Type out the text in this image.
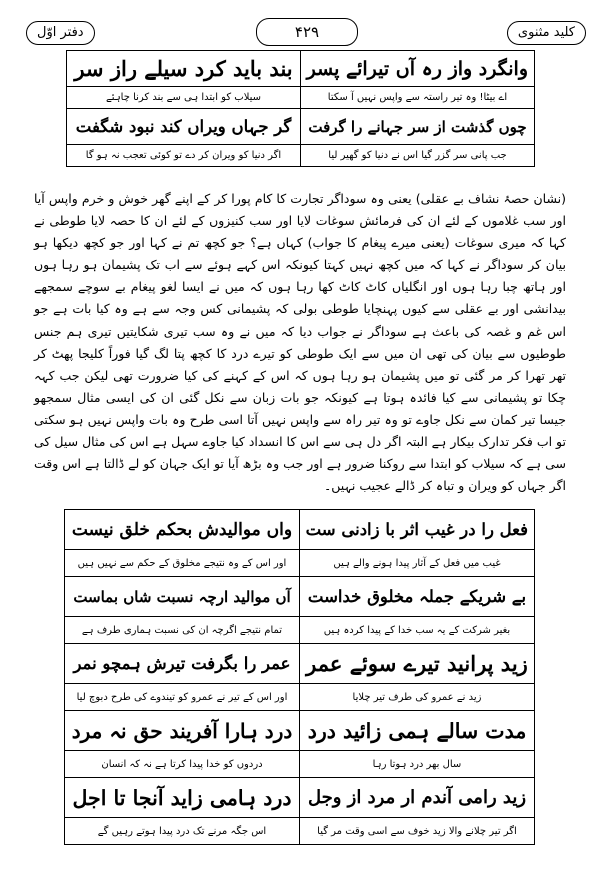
دفتر اوّل	۴۲۹	کلید مثنوی
وانگرد واز رہ آں تیرائے پسر	بند باید کرد سیلے راز سر
اے بیٹا! وہ تیر راستہ سے واپس نہیں آ سکتا	سیلاب کو ابتدا ہی سے بند کرنا چاہئے
چوں گذشت از سر جہانے را گرفت	گر جہاں ویراں کند نبود شگفت
جب پانی سر گزر گیا اس نے دنیا کو گھیر لیا	اگر دنیا کو ویران کر دے تو کوئی تعجب نہ ہو گا

(نشان حصۂ نشاف بے عقلی) یعنی وہ سوداگر تجارت کا کام پورا کر کے اپنے گھر خوش و خرم واپس آیا اور سب غلاموں کے لئے ان کی فرمائش سوغات لایا اور سب کنیزوں کے لئے ان کا حصہ لایا طوطی نے کہا کہ میری سوغات (یعنی میرے پیغام کا جواب) کہاں ہے؟ جو کچھ تم نے کہا اور جو کچھ دیکھا ہو بیان کر سوداگر نے کہا کہ میں کچھ نہیں کہتا کیونکہ اس کہے ہوئے سے اب تک پشیمان ہو رہا ہوں اور ہاتھ چبا رہا ہوں اور انگلیاں کاٹ کاٹ کھا رہا ہوں کہ میں نے ایسا لغو پیغام بے سوچے سمجھے بیدانشی اور بے عقلی سے کیوں پہنچایا طوطی بولی کہ پشیمانی کس وجہ سے ہے وہ کیا بات ہے جو اس غم و غصہ کی باعث ہے سوداگر نے جواب دیا کہ میں نے وہ سب تیری شکایتیں تیری ہم جنس طوطیوں سے بیان کی تھی ان میں سے ایک طوطی کو تیرے درد کا کچھ پتا لگ گیا فوراً کلیجا پھٹ کر تھر تھرا کر مر گئی تو میں پشیمان ہو رہا ہوں کہ اس کے کہنے کی کیا ضرورت تھی لیکن جب کہہ چکا تو پشیمانی سے کیا فائدہ ہوتا ہے کیونکہ جو بات زبان سے نکل گئی ان کی ایسی مثال سمجھو جیسا تیر کمان سے نکل جاوے تو وہ تیر راہ سے واپس نہیں آتا اسی طرح وہ بات واپس نہیں ہو سکتی تو اب فکر تدارک بیکار ہے البتہ اگر دل ہی سے اس کا انسداد کیا جاوے سہل ہے اس کی مثال سیل کی سی ہے کہ سیلاب کو ابتدا سے روکنا ضرور ہے اور جب وہ بڑھ آیا تو ایک جہان کو لے ڈالتا ہے اس وقت اگر جہاں کو ویران و تباہ کر ڈالے عجیب نہیں۔

فعل را در غیب اثر با زادنی ست	واں موالیدش بحکم خلق نیست
غیب میں فعل کے آثار پیدا ہونے والے ہیں	اور اس کے وہ نتیجے مخلوق کے حکم سے نہیں ہیں
بے شریکے جملہ مخلوق خداست	آں موالید ارچہ نسبت شاں بماست
بغیر شرکت کے یہ سب خدا کے پیدا کردہ ہیں	تمام نتیجے اگرچہ ان کی نسبت ہماری طرف ہے
زید پرانید تیرے سوئے عمر	عمر را بگرفت تیرش ہمچو نمر
زید نے عمرو کی طرف تیر چلایا	اور اس کے تیر نے عمرو کو تیندوے کی طرح دبوچ لیا
مدت سالے ہمی زائید درد	درد ہارا آفریند حق نہ مرد
سال بھر درد ہوتا رہا	دردوں کو خدا پیدا کرتا ہے نہ کہ انسان
زید رامی آندم ار مرد از وجل	درد ہامی زاید آنجا تا اجل
اگر تیر چلانے والا زید خوف سے اسی وقت مر گیا	اس جگہ مرنے تک درد پیدا ہوتے رہیں گے
